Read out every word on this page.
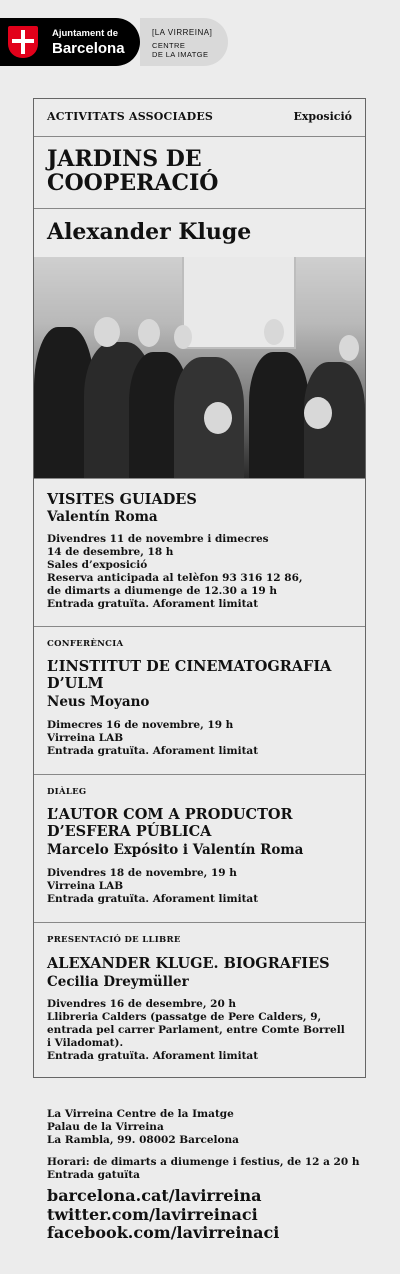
Ajuntament de
Barcelona
[LA VIRREINA]
CENTRE
DE LA IMATGE
ACTIVITATS ASSOCIADES	Exposició
JARDINS DE COOPERACIÓ
Alexander Kluge
VISITES GUIADES
Valentín Roma
Divendres 11 de novembre i dimecres
14 de desembre, 18 h
Sales d’exposició
Reserva anticipada al telèfon 93 316 12 86,
de dimarts a diumenge de 12.30 a 19 h
Entrada gratuïta. Aforament limitat
CONFERÈNCIA
L’INSTITUT DE CINEMATOGRAFIA D’ULM
Neus Moyano
Dimecres 16 de novembre, 19 h
Virreina LAB
Entrada gratuïta. Aforament limitat
DIÀLEG
L’AUTOR COM A PRODUCTOR D’ESFERA PÚBLICA
Marcelo Expósito i Valentín Roma
Divendres 18 de novembre, 19 h
Virreina LAB
Entrada gratuïta. Aforament limitat
PRESENTACIÓ DE LLIBRE
ALEXANDER KLUGE. BIOGRAFIES
Cecilia Dreymüller
Divendres 16 de desembre, 20 h
Llibreria Calders (passatge de Pere Calders, 9,
entrada pel carrer Parlament, entre Comte Borrell
i Viladomat).
Entrada gratuïta. Aforament limitat
La Virreina Centre de la Imatge
Palau de la Virreina
La Rambla, 99. 08002 Barcelona
Horari: de dimarts a diumenge i festius, de 12 a 20 h
Entrada gatuïta
barcelona.cat/lavirreina
twitter.com/lavirreinaci
facebook.com/lavirreinaci
